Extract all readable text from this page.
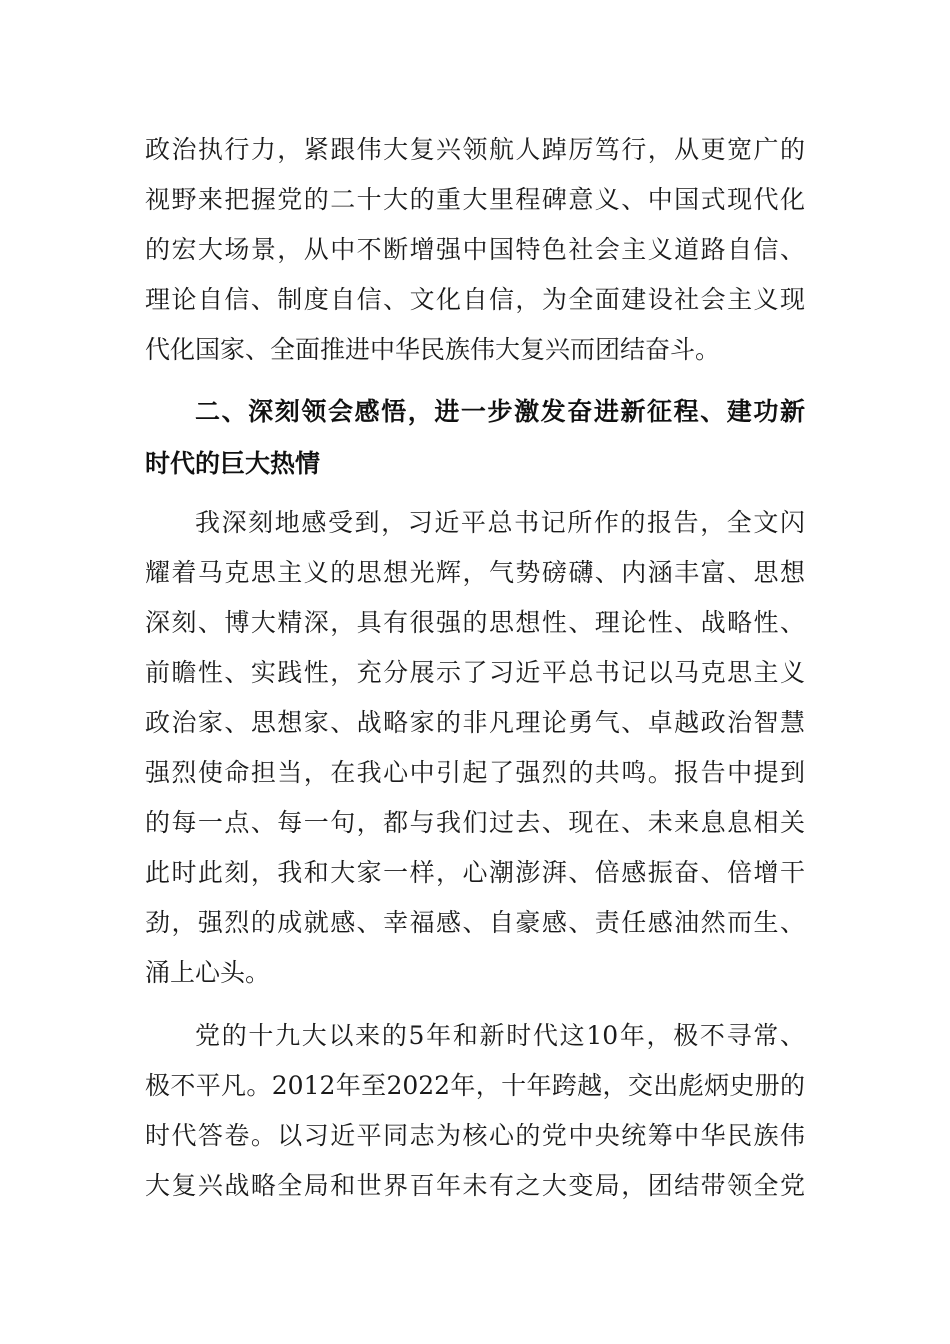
政治执行力，紧跟伟大复兴领航人踔厉笃行，从更宽广的
视野来把握党的二十大的重大里程碑意义、中国式现代化
的宏大场景，从中不断增强中国特色社会主义道路自信、
理论自信、制度自信、文化自信，为全面建设社会主义现
代化国家、全面推进中华民族伟大复兴而团结奋斗。
二、深刻领会感悟，进一步激发奋进新征程、建功新
时代的巨大热情
我深刻地感受到，习近平总书记所作的报告，全文闪
耀着马克思主义的思想光辉，气势磅礴、内涵丰富、思想
深刻、博大精深，具有很强的思想性、理论性、战略性、
前瞻性、实践性，充分展示了习近平总书记以马克思主义
政治家、思想家、战略家的非凡理论勇气、卓越政治智慧
强烈使命担当，在我心中引起了强烈的共鸣。报告中提到
的每一点、每一句，都与我们过去、现在、未来息息相关
此时此刻，我和大家一样，心潮澎湃、倍感振奋、倍增干
劲，强烈的成就感、幸福感、自豪感、责任感油然而生、
涌上心头。
党的十九大以来的5年和新时代这10年，极不寻常、
极不平凡。2012年至2022年，十年跨越，交出彪炳史册的
时代答卷。以习近平同志为核心的党中央统筹中华民族伟
大复兴战略全局和世界百年未有之大变局，团结带领全党
